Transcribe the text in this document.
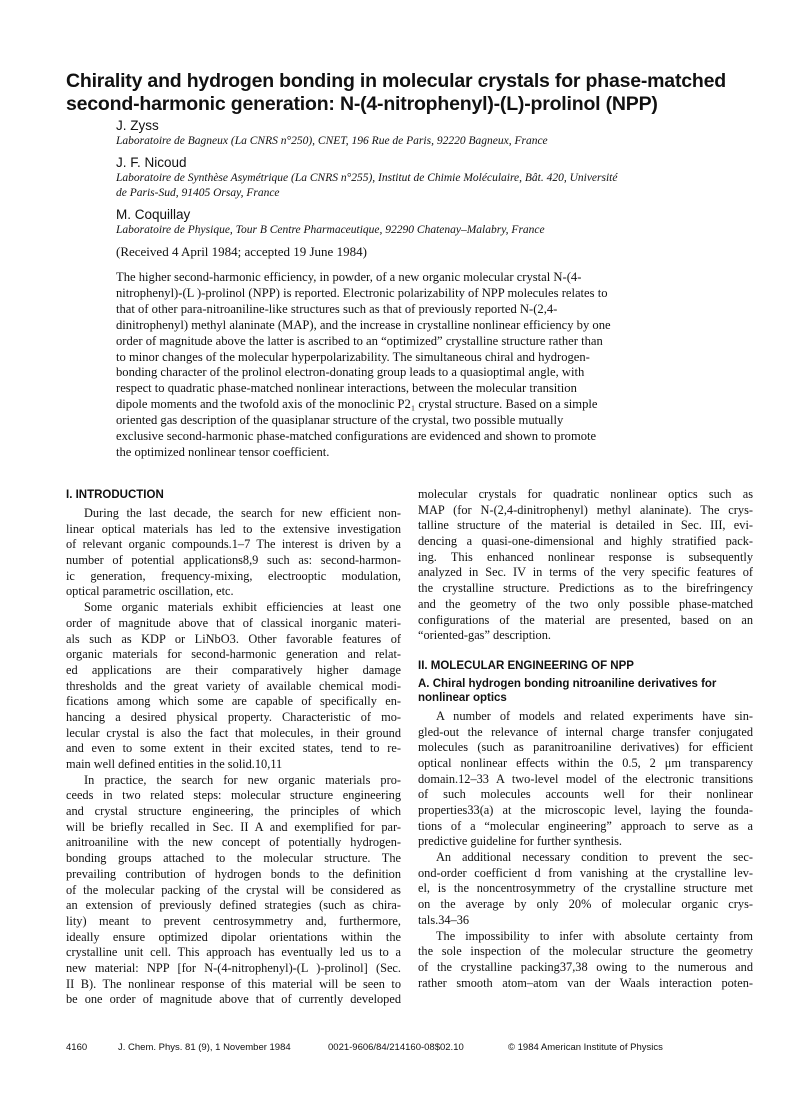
Chirality and hydrogen bonding in molecular crystals for phase-matched
second-harmonic generation: N-(4-nitrophenyl)-(L)-prolinol (NPP)
J. Zyss
Laboratoire de Bagneux (La CNRS n°250), CNET, 196 Rue de Paris, 92220 Bagneux, France
J. F. Nicoud
Laboratoire de Synthèse Asymétrique (La CNRS n°255), Institut de Chimie Moléculaire, Bât. 420, Université
de Paris-Sud, 91405 Orsay, France
M. Coquillay
Laboratoire de Physique, Tour B Centre Pharmaceutique, 92290 Chatenay–Malabry, France
(Received 4 April 1984; accepted 19 June 1984)
The higher second-harmonic efficiency, in powder, of a new organic molecular crystal N-(4-
nitrophenyl)-(L )-prolinol (NPP) is reported. Electronic polarizability of NPP molecules relates to
that of other para-nitroaniline-like structures such as that of previously reported N-(2,4-
dinitrophenyl) methyl alaninate (MAP), and the increase in crystalline nonlinear efficiency by one
order of magnitude above the latter is ascribed to an “optimized” crystalline structure rather than
to minor changes of the molecular hyperpolarizability. The simultaneous chiral and hydrogen-
bonding character of the prolinol electron-donating group leads to a quasioptimal angle, with
respect to quadratic phase-matched nonlinear interactions, between the molecular transition
dipole moments and the twofold axis of the monoclinic P2₁ crystal structure. Based on a simple
oriented gas description of the quasiplanar structure of the crystal, two possible mutually
exclusive second-harmonic phase-matched configurations are evidenced and shown to promote
the optimized nonlinear tensor coefficient.
I. INTRODUCTION
During the last decade, the search for new efficient non-
linear optical materials has led to the extensive investigation
of relevant organic compounds.1–7 The interest is driven by a
number of potential applications8,9 such as: second-harmon-
ic generation, frequency-mixing, electrooptic modulation,
optical parametric oscillation, etc.
Some organic materials exhibit efficiencies at least one
order of magnitude above that of classical inorganic materi-
als such as KDP or LiNbO3. Other favorable features of
organic materials for second-harmonic generation and relat-
ed applications are their comparatively higher damage
thresholds and the great variety of available chemical modi-
fications among which some are capable of specifically en-
hancing a desired physical property. Characteristic of mo-
lecular crystal is also the fact that molecules, in their ground
and even to some extent in their excited states, tend to re-
main well defined entities in the solid.10,11
In practice, the search for new organic materials pro-
ceeds in two related steps: molecular structure engineering
and crystal structure engineering, the principles of which
will be briefly recalled in Sec. II A and exemplified for par-
anitroaniline with the new concept of potentially hydrogen-
bonding groups attached to the molecular structure. The
prevailing contribution of hydrogen bonds to the definition
of the molecular packing of the crystal will be considered as
an extension of previously defined strategies (such as chira-
lity) meant to prevent centrosymmetry and, furthermore,
ideally ensure optimized dipolar orientations within the
crystalline unit cell. This approach has eventually led us to a
new material: NPP [for N-(4-nitrophenyl)-(L )-prolinol] (Sec.
II B). The nonlinear response of this material will be seen to
be one order of magnitude above that of currently developed
molecular crystals for quadratic nonlinear optics such as
MAP (for N-(2,4-dinitrophenyl) methyl alaninate). The crys-
talline structure of the material is detailed in Sec. III, evi-
dencing a quasi-one-dimensional and highly stratified pack-
ing. This enhanced nonlinear response is subsequently
analyzed in Sec. IV in terms of the very specific features of
the crystalline structure. Predictions as to the birefringency
and the geometry of the two only possible phase-matched
configurations of the material are presented, based on an
“oriented-gas” description.
II. MOLECULAR ENGINEERING OF NPP
A. Chiral hydrogen bonding nitroaniline derivatives for
nonlinear optics
A number of models and related experiments have sin-
gled-out the relevance of internal charge transfer conjugated
molecules (such as paranitroaniline derivatives) for efficient
optical nonlinear effects within the 0.5, 2 μm transparency
domain.12–33 A two-level model of the electronic transitions
of such molecules accounts well for their nonlinear
properties33(a) at the microscopic level, laying the founda-
tions of a “molecular engineering” approach to serve as a
predictive guideline for further synthesis.
An additional necessary condition to prevent the sec-
ond-order coefficient d from vanishing at the crystalline lev-
el, is the noncentrosymmetry of the crystalline structure met
on the average by only 20% of molecular organic crys-
tals.34–36
The impossibility to infer with absolute certainty from
the sole inspection of the molecular structure the geometry
of the crystalline packing37,38 owing to the numerous and
rather smooth atom–atom van der Waals interaction poten-
4160	J. Chem. Phys. 81 (9), 1 November 1984	0021-9606/84/214160-08$02.10	© 1984 American Institute of Physics
